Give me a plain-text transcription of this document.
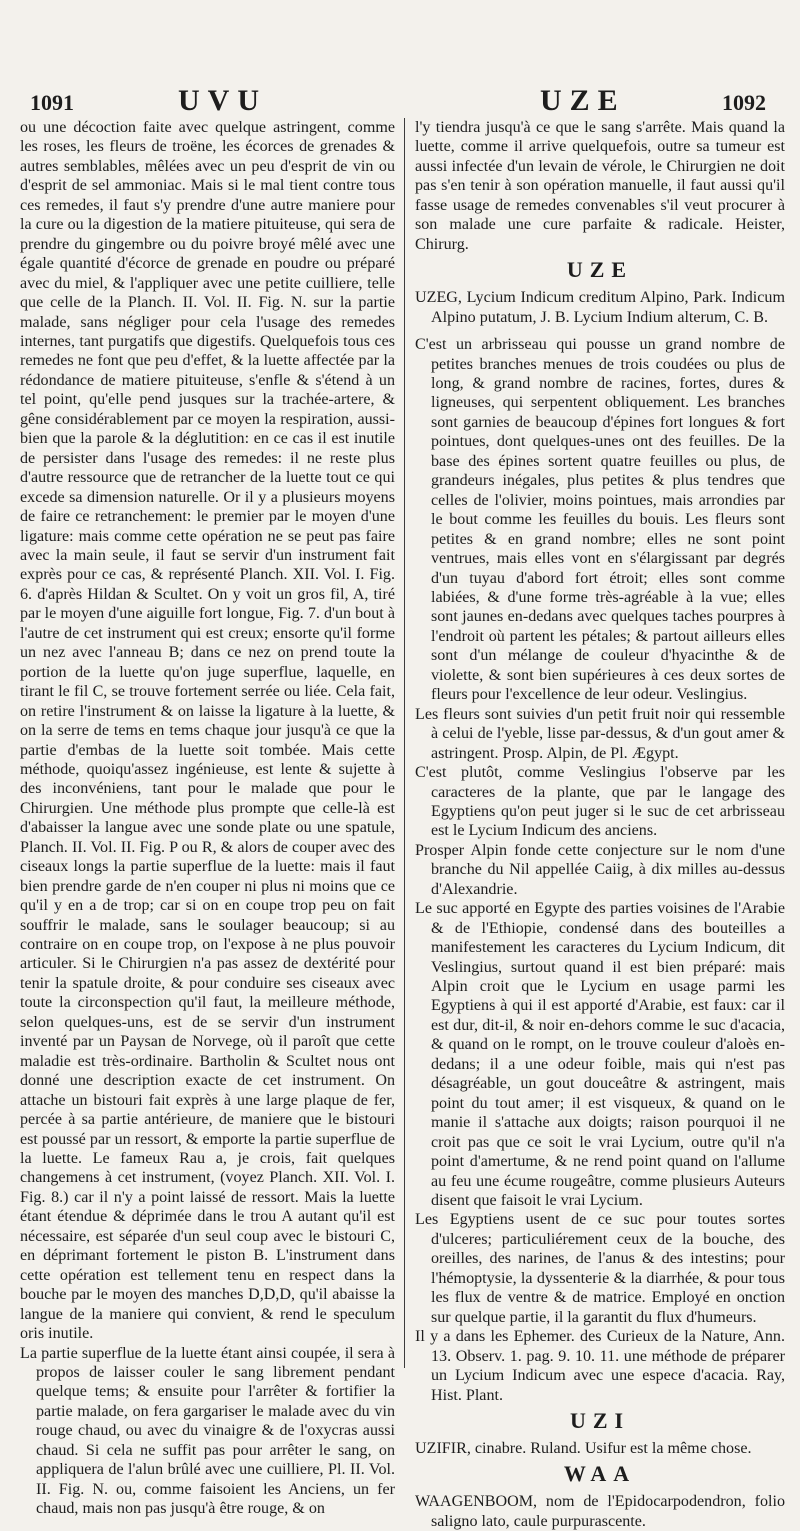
1091	UVU	UZE	1092

ou une décoction faite avec quelque astringent, comme les roses, les fleurs de troëne, les écorces de grenades & autres semblables, mêlées avec un peu d'esprit de vin ou d'esprit de sel ammoniac. Mais si le mal tient contre tous ces remedes, il faut s'y prendre d'une autre maniere pour la cure ou la digestion de la matiere pituiteuse, qui sera de prendre du gingembre ou du poivre broyé mêlé avec une égale quantité d'écorce de grenade en poudre ou préparé avec du miel, & l'appliquer avec une petite cuilliere, telle que celle de la Planch. II. Vol. II. Fig. N. sur la partie malade, sans négliger pour cela l'usage des remedes internes, tant purgatifs que digestifs. Quelquefois tous ces remedes ne font que peu d'effet, & la luette affectée par la rédondance de matiere pituiteuse, s'enfle & s'étend à un tel point, qu'elle pend jusques sur la trachée-artere, & gêne considérablement par ce moyen la respiration, aussi-bien que la parole & la déglutition: en ce cas il est inutile de persister dans l'usage des remedes: il ne reste plus d'autre ressource que de retrancher de la luette tout ce qui excede sa dimension naturelle. Or il y a plusieurs moyens de faire ce retranchement: le premier par le moyen d'une ligature: mais comme cette opération ne se peut pas faire avec la main seule, il faut se servir d'un instrument fait exprès pour ce cas, & représenté Planch. XII. Vol. I. Fig. 6. d'après Hildan & Scultet. On y voit un gros fil, A, tiré par le moyen d'une aiguille fort longue, Fig. 7. d'un bout à l'autre de cet instrument qui est creux; ensorte qu'il forme un nez avec l'anneau B; dans ce nez on prend toute la portion de la luette qu'on juge superflue, laquelle, en tirant le fil C, se trouve fortement serrée ou liée. Cela fait, on retire l'instrument & on laisse la ligature à la luette, & on la serre de tems en tems chaque jour jusqu'à ce que la partie d'embas de la luette soit tombée. Mais cette méthode, quoiqu'assez ingénieuse, est lente & sujette à des inconvéniens, tant pour le malade que pour le Chirurgien. Une méthode plus prompte que celle-là est d'abaisser la langue avec une sonde plate ou une spatule, Planch. II. Vol. II. Fig. P ou R, & alors de couper avec des ciseaux longs la partie superflue de la luette: mais il faut bien prendre garde de n'en couper ni plus ni moins que ce qu'il y en a de trop; car si on en coupe trop peu on fait souffrir le malade, sans le soulager beaucoup; si au contraire on en coupe trop, on l'expose à ne plus pouvoir articuler. Si le Chirurgien n'a pas assez de dextérité pour tenir la spatule droite, & pour conduire ses ciseaux avec toute la circonspection qu'il faut, la meilleure méthode, selon quelques-uns, est de se servir d'un instrument inventé par un Paysan de Norvege, où il paroît que cette maladie est très-ordinaire. Bartholin & Scultet nous ont donné une description exacte de cet instrument. On attache un bistouri fait exprès à une large plaque de fer, percée à sa partie antérieure, de maniere que le bistouri est poussé par un ressort, & emporte la partie superflue de la luette. Le fameux Rau a, je crois, fait quelques changemens à cet instrument, (voyez Planch. XII. Vol. I. Fig. 8.) car il n'y a point laissé de ressort. Mais la luette étant étendue & déprimée dans le trou A autant qu'il est nécessaire, est séparée d'un seul coup avec le bistouri C, en déprimant fortement le piston B. L'instrument dans cette opération est tellement tenu en respect dans la bouche par le moyen des manches D,D,D, qu'il abaisse la langue de la maniere qui convient, & rend le speculum oris inutile.

La partie superflue de la luette étant ainsi coupée, il sera à propos de laisser couler le sang librement pendant quelque tems; & ensuite pour l'arrêter & fortifier la partie malade, on fera gargariser le malade avec du vin rouge chaud, ou avec du vinaigre & de l'oxycras aussi chaud. Si cela ne suffit pas pour arrêter le sang, on appliquera de l'alun brûlé avec une cuilliere, Pl. II. Vol. II. Fig. N. ou, comme faisoient les Anciens, un fer chaud, mais non pas jusqu'à être rouge, & on

l'y tiendra jusqu'à ce que le sang s'arrête. Mais quand la luette, comme il arrive quelquefois, outre sa tumeur est aussi infectée d'un levain de vérole, le Chirurgien ne doit pas s'en tenir à son opération manuelle, il faut aussi qu'il fasse usage de remedes convenables s'il veut procurer à son malade une cure parfaite & radicale. Heister, Chirurg.

UZE

UZEG, Lycium Indicum creditum Alpino, Park. Indicum Alpino putatum, J. B. Lycium Indium alterum, C. B.

C'est un arbrisseau qui pousse un grand nombre de petites branches menues de trois coudées ou plus de long, & grand nombre de racines, fortes, dures & ligneuses, qui serpentent obliquement. Les branches sont garnies de beaucoup d'épines fort longues & fort pointues, dont quelques-unes ont des feuilles. De la base des épines sortent quatre feuilles ou plus, de grandeurs inégales, plus petites & plus tendres que celles de l'olivier, moins pointues, mais arrondies par le bout comme les feuilles du bouis. Les fleurs sont petites & en grand nombre; elles ne sont point ventrues, mais elles vont en s'élargissant par degrés d'un tuyau d'abord fort étroit; elles sont comme labiées, & d'une forme très-agréable à la vue; elles sont jaunes en-dedans avec quelques taches pourpres à l'endroit où partent les pétales; & partout ailleurs elles sont d'un mélange de couleur d'hyacinthe & de violette, & sont bien supérieures à ces deux sortes de fleurs pour l'excellence de leur odeur. Veslingius.

Les fleurs sont suivies d'un petit fruit noir qui ressemble à celui de l'yeble, lisse par-dessus, & d'un gout amer & astringent. Prosp. Alpin, de Pl. Ægypt.

C'est plutôt, comme Veslingius l'observe par les caracteres de la plante, que par le langage des Egyptiens qu'on peut juger si le suc de cet arbrisseau est le Lycium Indicum des anciens.

Prosper Alpin fonde cette conjecture sur le nom d'une branche du Nil appellée Caiig, à dix milles au-dessus d'Alexandrie.

Le suc apporté en Egypte des parties voisines de l'Arabie & de l'Ethiopie, condensé dans des bouteilles a manifestement les caracteres du Lycium Indicum, dit Veslingius, surtout quand il est bien préparé: mais Alpin croit que le Lycium en usage parmi les Egyptiens à qui il est apporté d'Arabie, est faux: car il est dur, dit-il, & noir en-dehors comme le suc d'acacia, & quand on le rompt, on le trouve couleur d'aloès en-dedans; il a une odeur foible, mais qui n'est pas désagréable, un gout douceâtre & astringent, mais point du tout amer; il est visqueux, & quand on le manie il s'attache aux doigts; raison pourquoi il ne croit pas que ce soit le vrai Lycium, outre qu'il n'a point d'amertume, & ne rend point quand on l'allume au feu une écume rougeâtre, comme plusieurs Auteurs disent que faisoit le vrai Lycium.

Les Egyptiens usent de ce suc pour toutes sortes d'ulceres; particuliérement ceux de la bouche, des oreilles, des narines, de l'anus & des intestins; pour l'hémoptysie, la dyssenterie & la diarrhée, & pour tous les flux de ventre & de matrice. Employé en onction sur quelque partie, il la garantit du flux d'humeurs.

Il y a dans les Ephemer. des Curieux de la Nature, Ann. 13. Observ. 1. pag. 9. 10. 11. une méthode de préparer un Lycium Indicum avec une espece d'acacia. Ray, Hist. Plant.

UZI

UZIFIR, cinabre. Ruland. Usifur est la même chose.

WAA

WAAGENBOOM, nom de l'Epidocarpodendron, folio saligno lato, caule purpurascente.
